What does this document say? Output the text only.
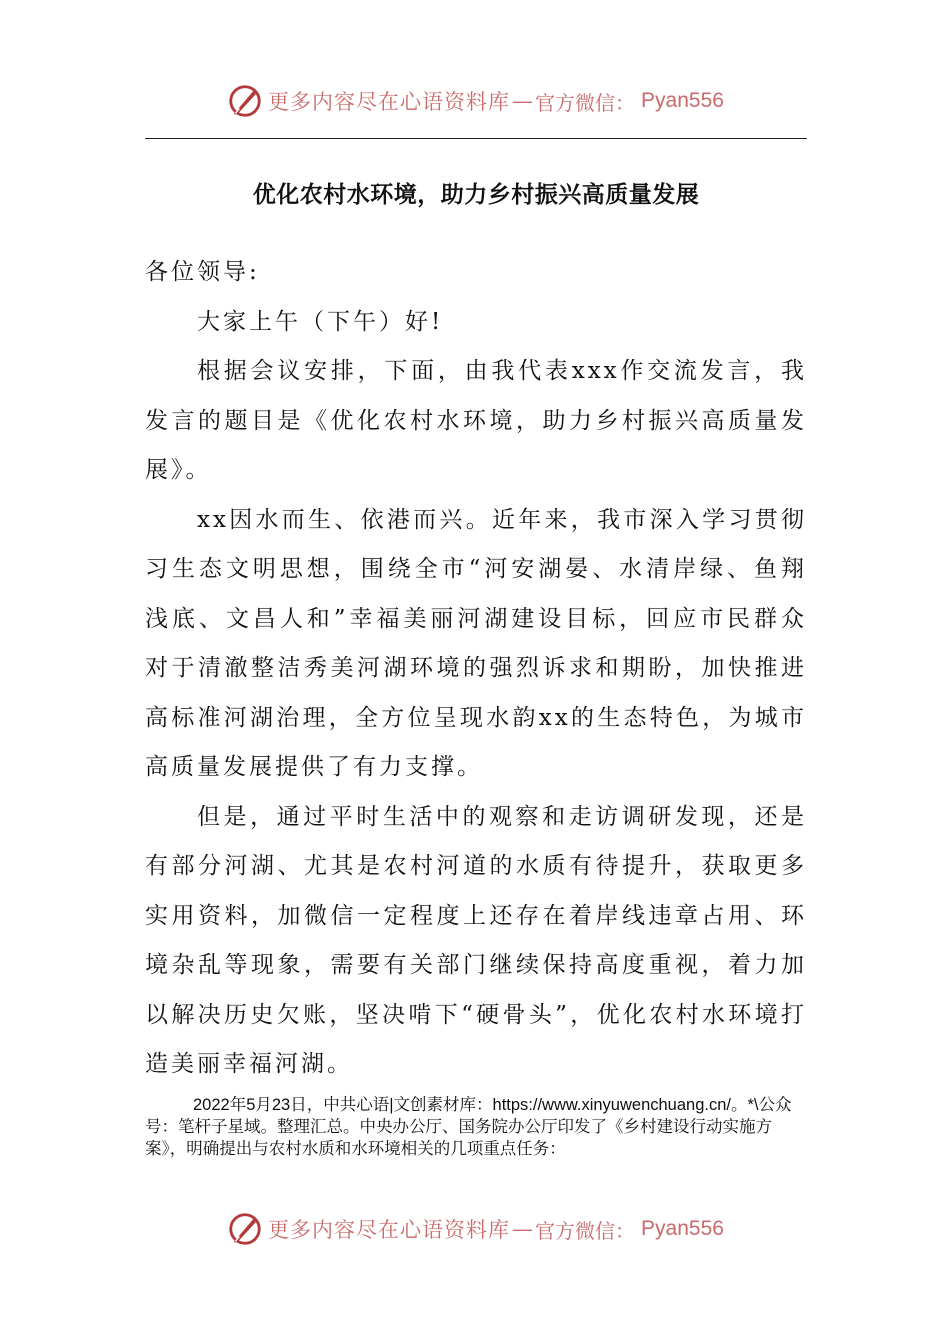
更多内容尽在心语资料库 — 官方微信： Pyan556
优化农村水环境，助力乡村振兴高质量发展

各位领导:

大家上午（下午）好!

根据会议安排，下面，由我代表xxx作交流发言，我发言的题目是《优化农村水环境，助力乡村振兴高质量发展》。

xx因水而生、依港而兴。近年来，我市深入学习贯彻习生态文明思想，围绕全市“河安湖晏、水清岸绿、鱼翔浅底、文昌人和”幸福美丽河湖建设目标，回应市民群众对于清澈整洁秀美河湖环境的强烈诉求和期盼，加快推进高标准河湖治理，全方位呈现水韵xx的生态特色，为城市高质量发展提供了有力支撑。

但是，通过平时生活中的观察和走访调研发现，还是有部分河湖、尤其是农村河道的水质有待提升，获取更多实用资料，加微信一定程度上还存在着岸线违章占用、环境杂乱等现象，需要有关部门继续保持高度重视，着力加以解决历史欠账，坚决啃下“硬骨头”，优化农村水环境打造美丽幸福河湖。

2022年5月23日，中共心语|文创素材库：https://www.xinyuwenchuang.cn/。*\公众号：笔杆子星域。整理汇总。中央办公厅、国务院办公厅印发了《乡村建设行动实施方案》，明确提出与农村水质和水环境相关的几项重点任务：

更多内容尽在心语资料库 — 官方微信： Pyan556
